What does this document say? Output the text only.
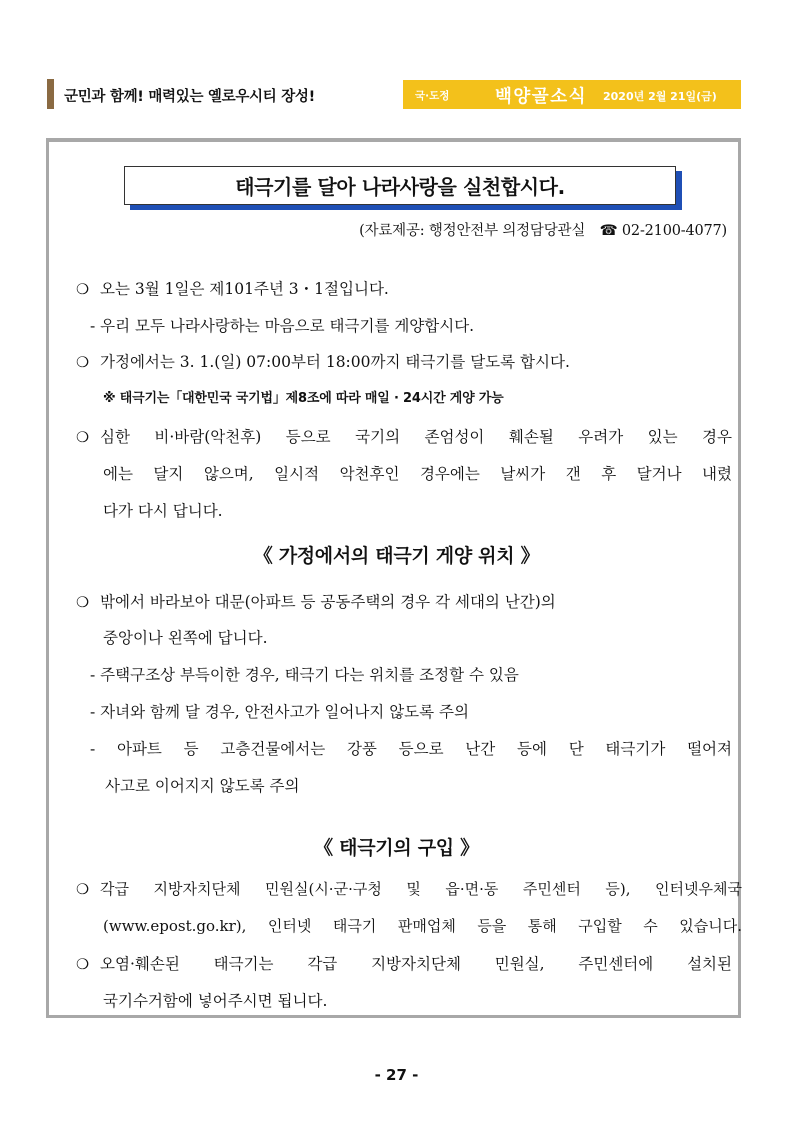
군민과 함께! 매력있는 옐로우시티 장성!	국·도정	백양골소식 2020년 2월 21일(금)
태극기를 달아 나라사랑을 실천합시다.
(자료제공: 행정안전부 의정담당관실 ☎ 02-2100-4077)
❍ 오는 3월 1일은 제101주년 3・1절입니다.
- 우리 모두 나라사랑하는 마음으로 태극기를 게양합시다.
❍ 가정에서는 3. 1.(일) 07:00부터 18:00까지 태극기를 달도록 합시다.
※ 태극기는「대한민국 국기법」제8조에 따라 매일 · 24시간 게양 가능
❍ 심한 비·바람(악천후) 등으로 국기의 존엄성이 훼손될 우려가 있는 경우
에는 달지 않으며, 일시적 악천후인 경우에는 날씨가 갠 후 달거나 내렸
다가 다시 답니다.
《 가정에서의 태극기 게양 위치 》
❍ 밖에서 바라보아 대문(아파트 등 공동주택의 경우 각 세대의 난간)의
중앙이나 왼쪽에 답니다.
- 주택구조상 부득이한 경우, 태극기 다는 위치를 조정할 수 있음
- 자녀와 함께 달 경우, 안전사고가 일어나지 않도록 주의
- 아파트 등 고층건물에서는 강풍 등으로 난간 등에 단 태극기가 떨어져
사고로 이어지지 않도록 주의
《 태극기의 구입 》
❍ 각급 지방자치단체 민원실(시·군·구청 및 읍·면·동 주민센터 등), 인터넷우체국
(www.epost.go.kr), 인터넷 태극기 판매업체 등을 통해 구입할 수 있습니다.
❍ 오염·훼손된 태극기는 각급 지방자치단체 민원실, 주민센터에 설치된
국기수거함에 넣어주시면 됩니다.
- 27 -
